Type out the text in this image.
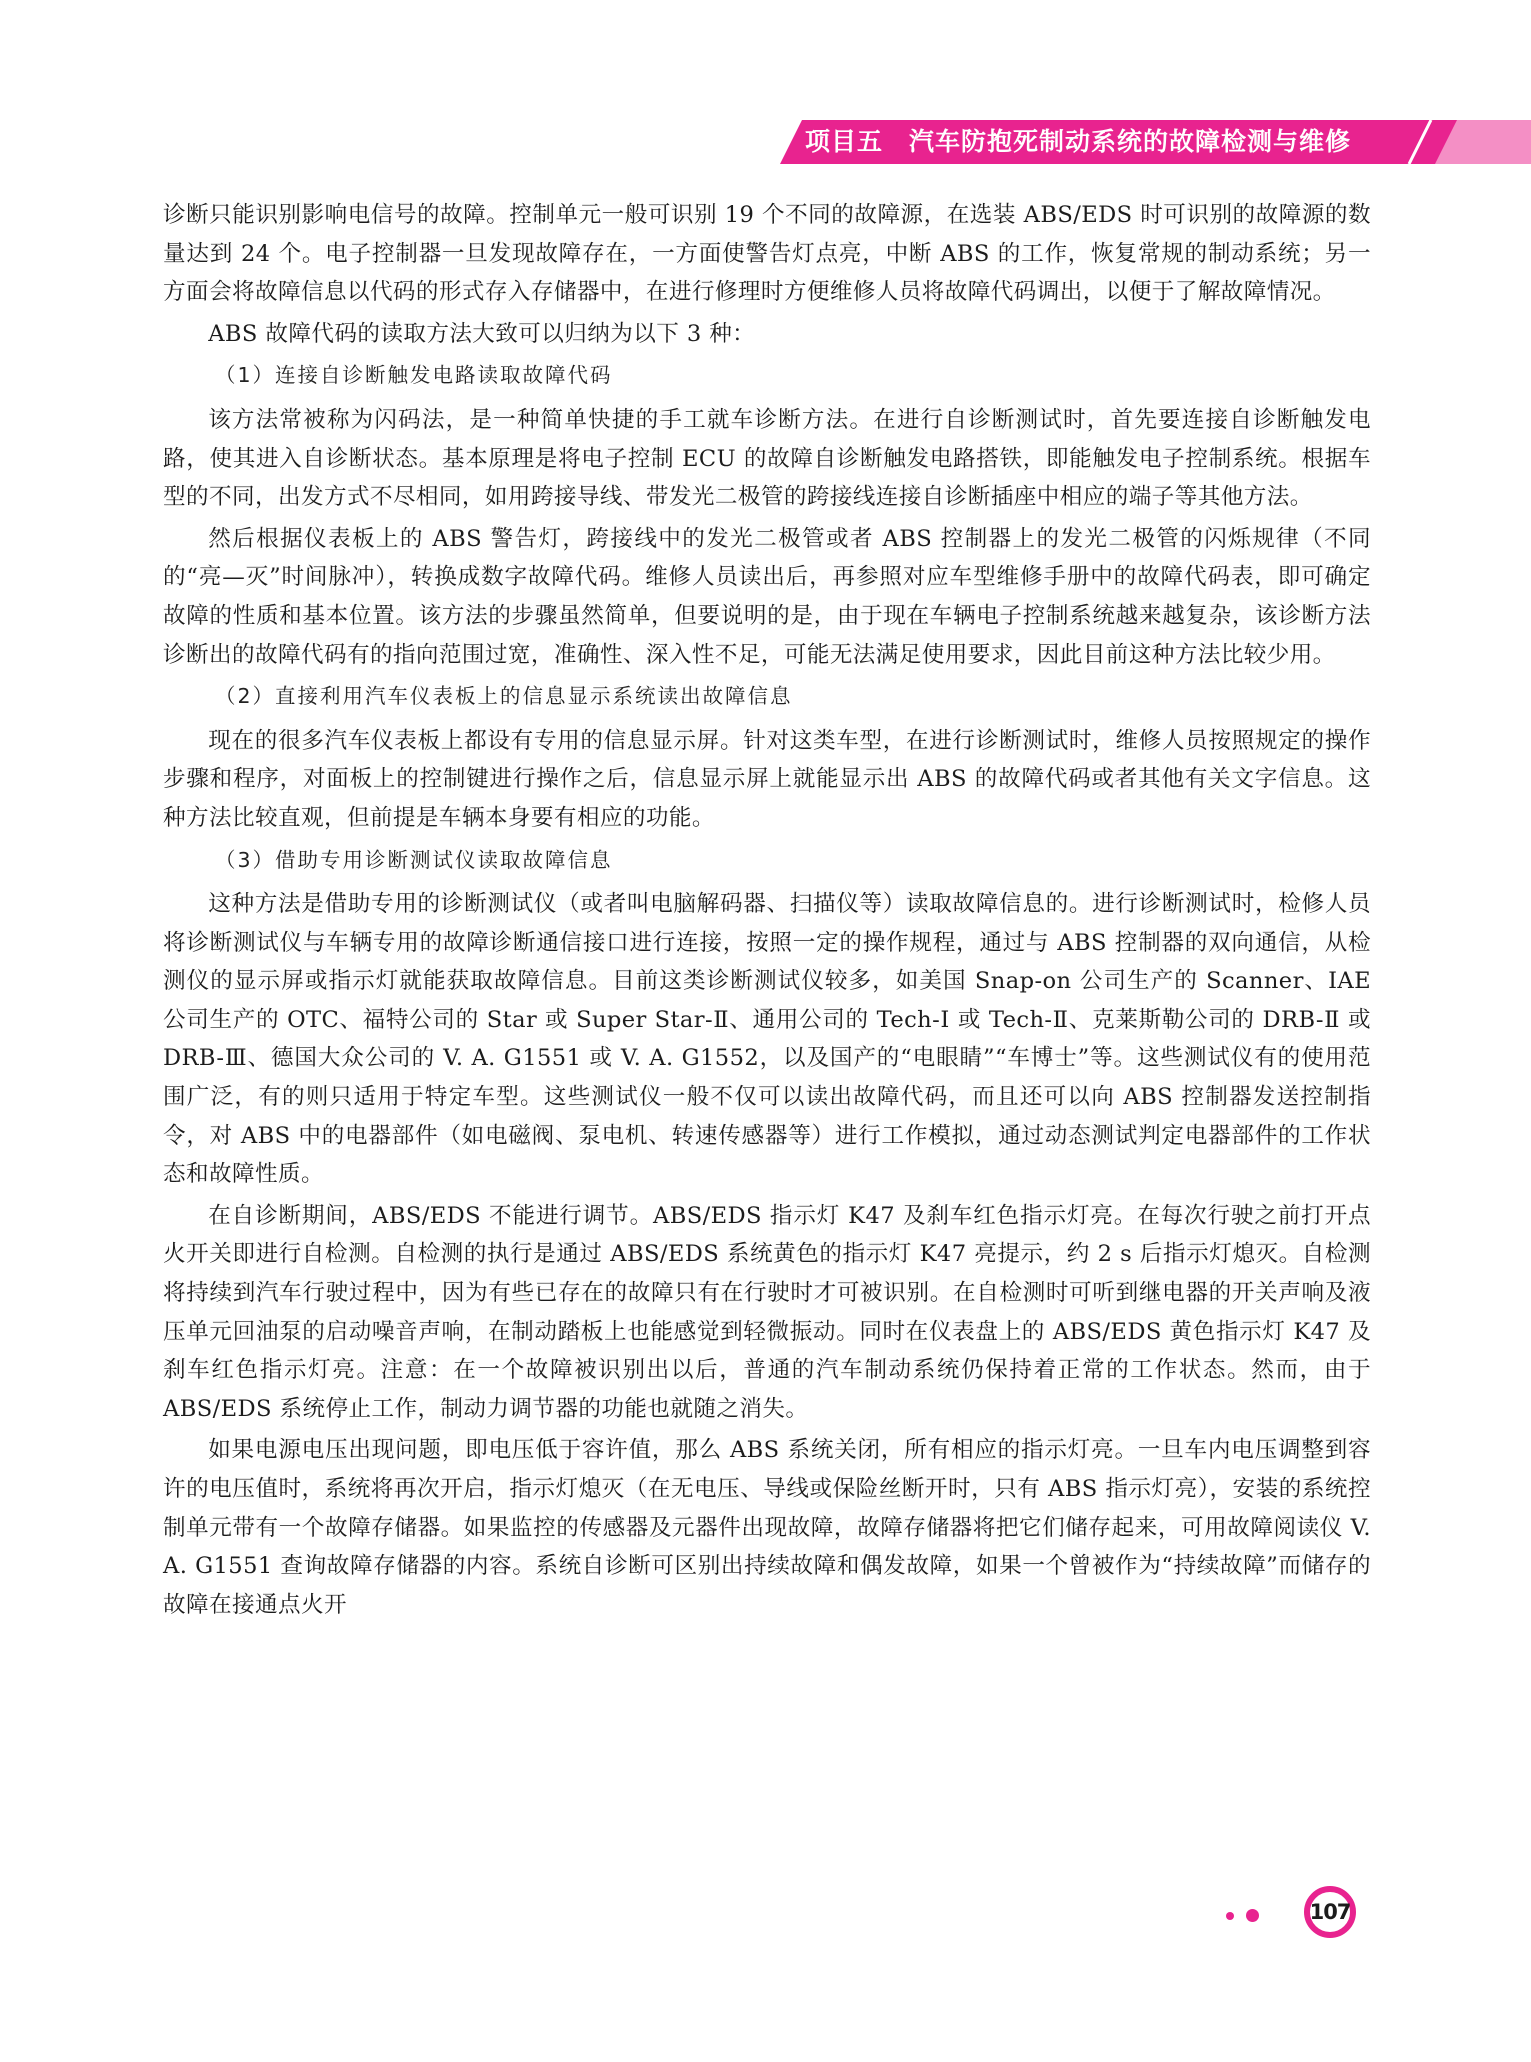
项目五 汽车防抱死制动系统的故障检测与维修

诊断只能识别影响电信号的故障。控制单元一般可识别 19 个不同的故障源，在选装 ABS/EDS 时可识别的故障源的数量达到 24 个。电子控制器一旦发现故障存在，一方面使警告灯点亮，中断 ABS 的工作，恢复常规的制动系统；另一方面会将故障信息以代码的形式存入存储器中，在进行修理时方便维修人员将故障代码调出，以便于了解故障情况。

ABS 故障代码的读取方法大致可以归纳为以下 3 种：

（1）连接自诊断触发电路读取故障代码

该方法常被称为闪码法，是一种简单快捷的手工就车诊断方法。在进行自诊断测试时，首先要连接自诊断触发电路，使其进入自诊断状态。基本原理是将电子控制 ECU 的故障自诊断触发电路搭铁，即能触发电子控制系统。根据车型的不同，出发方式不尽相同，如用跨接导线、带发光二极管的跨接线连接自诊断插座中相应的端子等其他方法。

然后根据仪表板上的 ABS 警告灯，跨接线中的发光二极管或者 ABS 控制器上的发光二极管的闪烁规律（不同的“亮—灭”时间脉冲），转换成数字故障代码。维修人员读出后，再参照对应车型维修手册中的故障代码表，即可确定故障的性质和基本位置。该方法的步骤虽然简单，但要说明的是，由于现在车辆电子控制系统越来越复杂，该诊断方法诊断出的故障代码有的指向范围过宽，准确性、深入性不足，可能无法满足使用要求，因此目前这种方法比较少用。

（2）直接利用汽车仪表板上的信息显示系统读出故障信息

现在的很多汽车仪表板上都设有专用的信息显示屏。针对这类车型，在进行诊断测试时，维修人员按照规定的操作步骤和程序，对面板上的控制键进行操作之后，信息显示屏上就能显示出 ABS 的故障代码或者其他有关文字信息。这种方法比较直观，但前提是车辆本身要有相应的功能。

（3）借助专用诊断测试仪读取故障信息

这种方法是借助专用的诊断测试仪（或者叫电脑解码器、扫描仪等）读取故障信息的。进行诊断测试时，检修人员将诊断测试仪与车辆专用的故障诊断通信接口进行连接，按照一定的操作规程，通过与 ABS 控制器的双向通信，从检测仪的显示屏或指示灯就能获取故障信息。目前这类诊断测试仪较多，如美国 Snap-on 公司生产的 Scanner、IAE 公司生产的 OTC、福特公司的 Star 或 Super Star-Ⅱ、通用公司的 Tech-Ⅰ 或 Tech-Ⅱ、克莱斯勒公司的 DRB-Ⅱ 或 DRB-Ⅲ、德国大众公司的 V. A. G1551 或 V. A. G1552，以及国产的“电眼睛”“车博士”等。这些测试仪有的使用范围广泛，有的则只适用于特定车型。这些测试仪一般不仅可以读出故障代码，而且还可以向 ABS 控制器发送控制指令，对 ABS 中的电器部件（如电磁阀、泵电机、转速传感器等）进行工作模拟，通过动态测试判定电器部件的工作状态和故障性质。

在自诊断期间，ABS/EDS 不能进行调节。ABS/EDS 指示灯 K47 及刹车红色指示灯亮。在每次行驶之前打开点火开关即进行自检测。自检测的执行是通过 ABS/EDS 系统黄色的指示灯 K47 亮提示，约 2 s 后指示灯熄灭。自检测将持续到汽车行驶过程中，因为有些已存在的故障只有在行驶时才可被识别。在自检测时可听到继电器的开关声响及液压单元回油泵的启动噪音声响，在制动踏板上也能感觉到轻微振动。同时在仪表盘上的 ABS/EDS 黄色指示灯 K47 及刹车红色指示灯亮。注意：在一个故障被识别出以后，普通的汽车制动系统仍保持着正常的工作状态。然而，由于 ABS/EDS 系统停止工作，制动力调节器的功能也就随之消失。

如果电源电压出现问题，即电压低于容许值，那么 ABS 系统关闭，所有相应的指示灯亮。一旦车内电压调整到容许的电压值时，系统将再次开启，指示灯熄灭（在无电压、导线或保险丝断开时，只有 ABS 指示灯亮），安装的系统控制单元带有一个故障存储器。如果监控的传感器及元器件出现故障，故障存储器将把它们储存起来，可用故障阅读仪 V. A. G1551 查询故障存储器的内容。系统自诊断可区别出持续故障和偶发故障，如果一个曾被作为“持续故障”而储存的故障在接通点火开

107
